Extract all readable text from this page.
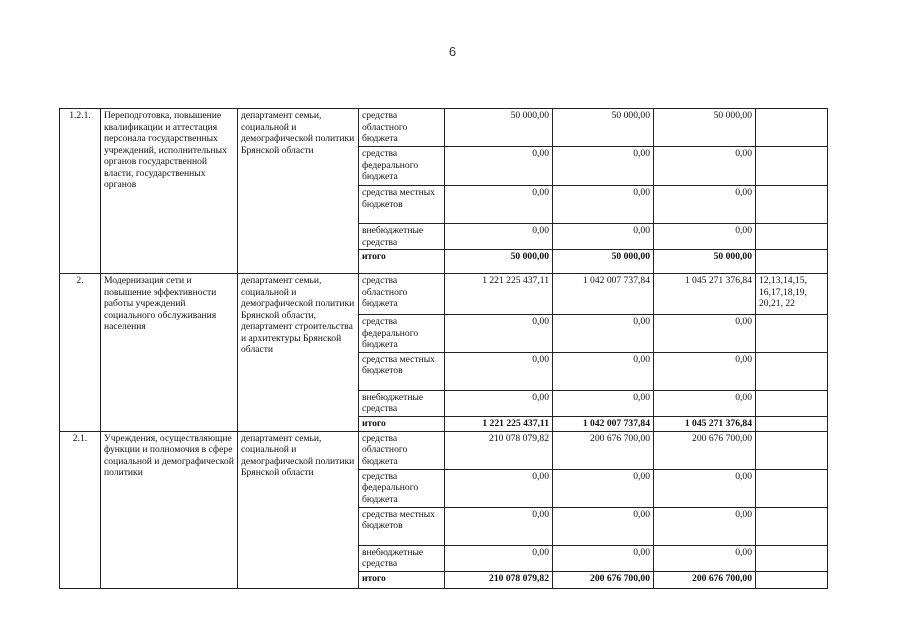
6
1.2.1.	Переподготовка, повышение квалификации и аттестация персонала государственных учреждений, исполнительных органов государственной власти, государственных органов	департамент семьи, социальной и демографической политики Брянской области	средства областного бюджета	50 000,00	50 000,00	50 000,00	
			средства федерального бюджета	0,00	0,00	0,00	
			средства местных бюджетов	0,00	0,00	0,00	
			внебюджетные средства	0,00	0,00	0,00	
			итого	50 000,00	50 000,00	50 000,00	
2.	Модернизация сети и повышение эффективности работы учреждений социального обслуживания населения	департамент семьи, социальной и демографической политики Брянской области, департамент строительства и архитектуры Брянской области	средства областного бюджета	1 221 225 437,11	1 042 007 737,84	1 045 271 376,84	12,13,14,15, 16,17,18,19, 20,21, 22
			средства федерального бюджета	0,00	0,00	0,00	
			средства местных бюджетов	0,00	0,00	0,00	
			внебюджетные средства	0,00	0,00	0,00	
			итого	1 221 225 437,11	1 042 007 737,84	1 045 271 376,84	
2.1.	Учреждения, осуществляющие функции и полномочия в сфере социальной и демографической политики	департамент семьи, социальной и демографической политики Брянской области	средства областного бюджета	210 078 079,82	200 676 700,00	200 676 700,00	
			средства федерального бюджета	0,00	0,00	0,00	
			средства местных бюджетов	0,00	0,00	0,00	
			внебюджетные средства	0,00	0,00	0,00	
			итого	210 078 079,82	200 676 700,00	200 676 700,00	
